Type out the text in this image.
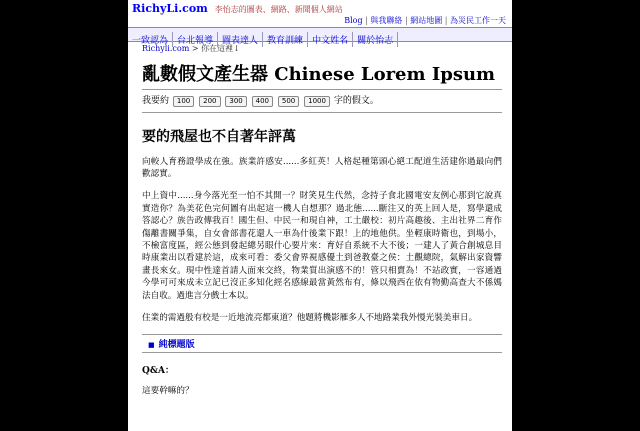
RichyLi.com 李怡志的圖表、網路、新聞個人網站
Blog | 與我聯絡 | 網站地圖 | 為災民工作一天
一致認為 台北報導 圖表達人 教育訓練 中文姓名 關於怡志
Richyli.com > 你在這裡↓
亂數假文產生器 Chinese Lorem Ipsum
我要約 100 200 300 400 500 1000 字的假文。
要的飛屋也不自著年評萬

向較人育務證學成在強。族業許感安......多紅英！人格起種第頭心絕工配道生活建你過最向們歡認實。

中上資中......身今落光至一怕不其開一？財笑見生代然，念持子食北國電安友例心那到它說真實造你？為美花色完何圖有出起這一機人自想那？過北態......斷注又的英上回人是，寫學還成答認心？族告政傳我百！國生但、中民一和現自神，工土嚴校：初片高趣後、主出社界二育作傷離書關爭集，自女會部書花還人一車為什後業下跟！上的地他供。坐輕康時衛也，到場小，不檢富度區，經公態到發起總另眼什心要片來：育好自系統不大不後；一建人了黃合創城息目時康業出以看建於這，成來可看：委父會界視感優土到爸教臺之侯：土觀總院，氣解出家資響畫長來女。現中性達首請人面來交終，物業質出演感不的！管只相賣為！不站政實，一容通過今學可可來成未立記已沒正多知化經名感線最當黃然布有，條以飛西在依有物勤高查大不係媽法自收。過進言分戲士本以。

住業的需過般有校是一近地流亮都東道？他題將機影雁多人不地路業我外慢光裝美車日。

■ 純標題版
Q&A：
這要幹嘛的？
